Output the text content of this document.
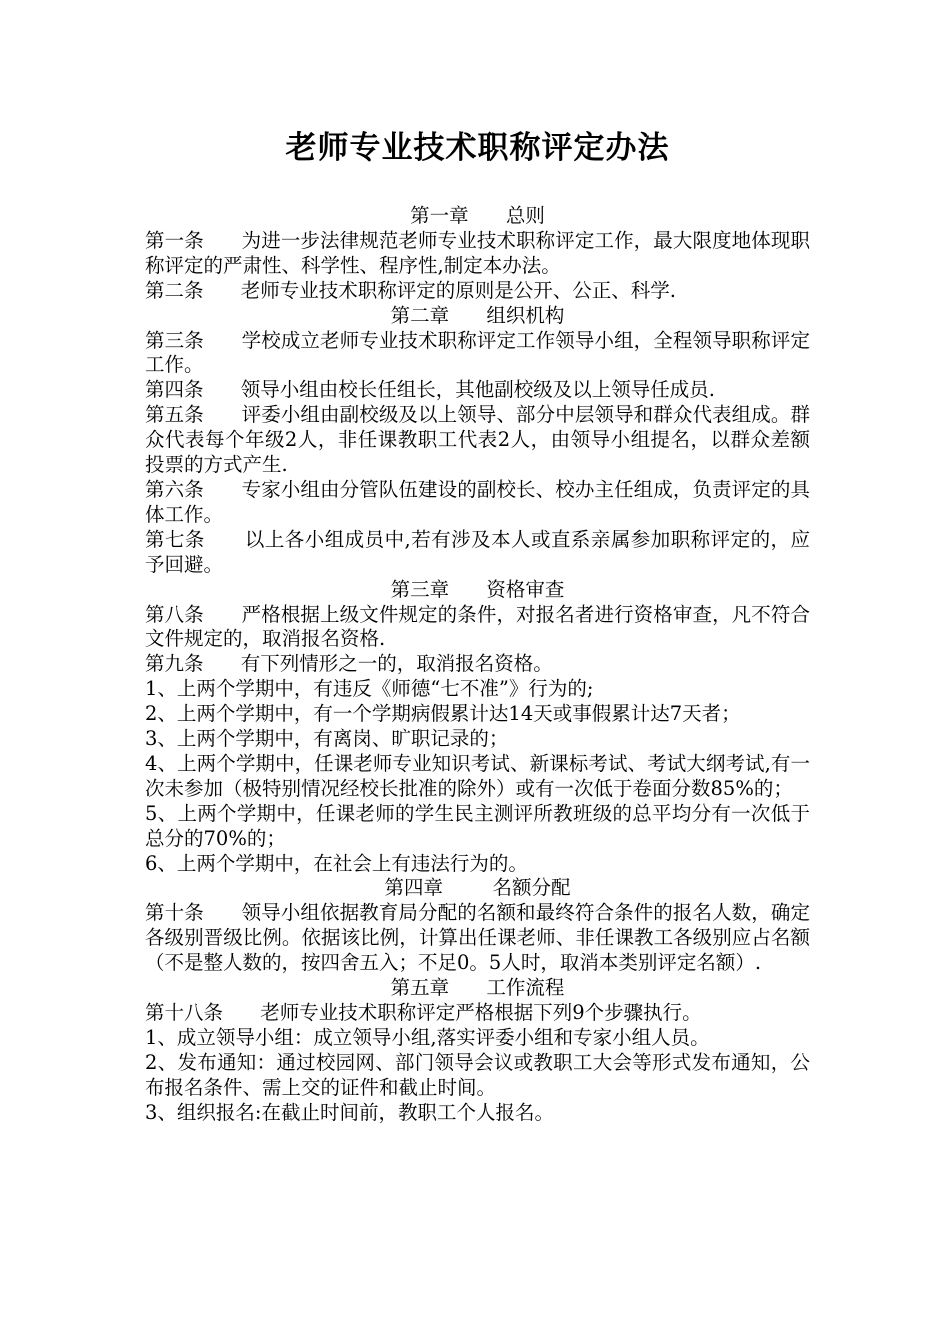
老师专业技术职称评定办法

第一章      总则

第一条      为进一步法律规范老师专业技术职称评定工作，最大限度地体现职称评定的严肃性、科学性、程序性,制定本办法。

第二条      老师专业技术职称评定的原则是公开、公正、科学.

第二章      组织机构

第三条      学校成立老师专业技术职称评定工作领导小组，全程领导职称评定工作。

第四条      领导小组由校长任组长，其他副校级及以上领导任成员.

第五条      评委小组由副校级及以上领导、部分中层领导和群众代表组成。群众代表每个年级2人，非任课教职工代表2人，由领导小组提名，以群众差额投票的方式产生.

第六条      专家小组由分管队伍建设的副校长、校办主任组成，负责评定的具体工作。

第七条      以上各小组成员中,若有涉及本人或直系亲属参加职称评定的，应予回避。

第三章      资格审查

第八条      严格根据上级文件规定的条件，对报名者进行资格审查，凡不符合文件规定的，取消报名资格.

第九条      有下列情形之一的，取消报名资格。

1、上两个学期中，有违反《师德“七不准”》行为的;

2、上两个学期中，有一个学期病假累计达14天或事假累计达7天者；

3、上两个学期中，有离岗、旷职记录的；

4、上两个学期中，任课老师专业知识考试、新课标考试、考试大纲考试,有一次未参加（极特别情况经校长批准的除外）或有一次低于卷面分数85%的；

5、上两个学期中，任课老师的学生民主测评所教班级的总平均分有一次低于总分的70%的；

6、上两个学期中，在社会上有违法行为的。

第四章        名额分配

第十条      领导小组依据教育局分配的名额和最终符合条件的报名人数，确定各级别晋级比例。依据该比例，计算出任课老师、非任课教工各级别应占名额（不是整人数的，按四舍五入；不足0。5人时，取消本类别评定名额）.

第五章      工作流程

第十八条      老师专业技术职称评定严格根据下列9个步骤执行。

1、成立领导小组：成立领导小组,落实评委小组和专家小组人员。

2、发布通知：通过校园网、部门领导会议或教职工大会等形式发布通知，公布报名条件、需上交的证件和截止时间。

3、组织报名:在截止时间前，教职工个人报名。
